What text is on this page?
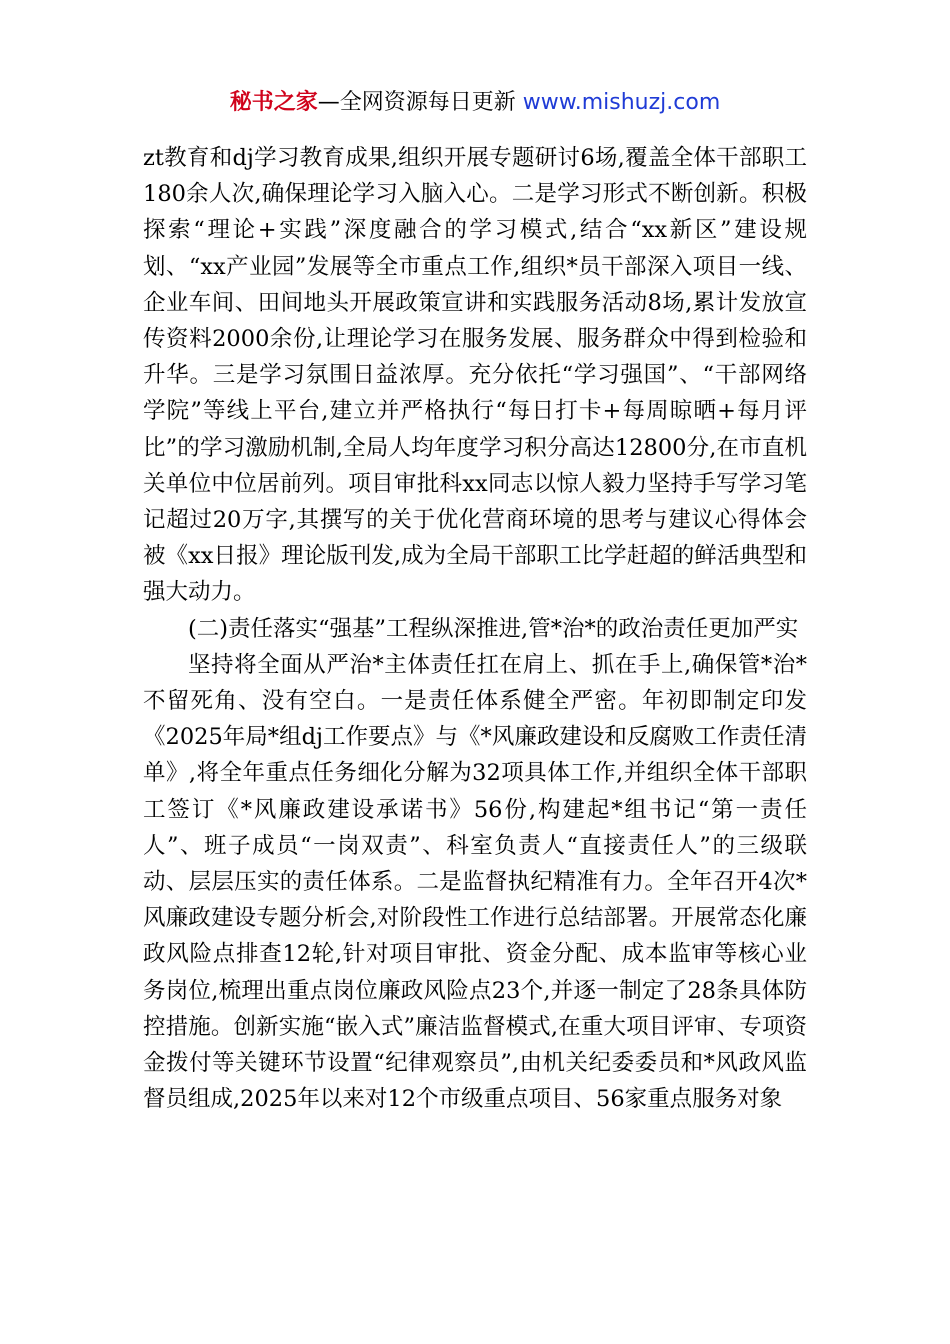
秘书之家—全网资源每日更新 www.mishuzj.com

zt教育和dj学习教育成果,组织开展专题研讨6场,覆盖全体干部职工180余人次,确保理论学习入脑入心。二是学习形式不断创新。积极探索“理论+实践”深度融合的学习模式,结合“xx新区”建设规划、“xx产业园”发展等全市重点工作,组织*员干部深入项目一线、企业车间、田间地头开展政策宣讲和实践服务活动8场,累计发放宣传资料2000余份,让理论学习在服务发展、服务群众中得到检验和升华。三是学习氛围日益浓厚。充分依托“学习强国”、“干部网络学院”等线上平台,建立并严格执行“每日打卡+每周晾晒+每月评比”的学习激励机制,全局人均年度学习积分高达12800分,在市直机关单位中位居前列。项目审批科xx同志以惊人毅力坚持手写学习笔记超过20万字,其撰写的关于优化营商环境的思考与建议心得体会被《xx日报》理论版刊发,成为全局干部职工比学赶超的鲜活典型和强大动力。

(二)责任落实“强基”工程纵深推进,管*治*的政治责任更加严实

坚持将全面从严治*主体责任扛在肩上、抓在手上,确保管*治*不留死角、没有空白。一是责任体系健全严密。年初即制定印发《2025年局*组dj工作要点》与《*风廉政建设和反腐败工作责任清单》,将全年重点任务细化分解为32项具体工作,并组织全体干部职工签订《*风廉政建设承诺书》56份,构建起*组书记“第一责任人”、班子成员“一岗双责”、科室负责人“直接责任人”的三级联动、层层压实的责任体系。二是监督执纪精准有力。全年召开4次*风廉政建设专题分析会,对阶段性工作进行总结部署。开展常态化廉政风险点排查12轮,针对项目审批、资金分配、成本监审等核心业务岗位,梳理出重点岗位廉政风险点23个,并逐一制定了28条具体防控措施。创新实施“嵌入式”廉洁监督模式,在重大项目评审、专项资金拨付等关键环节设置“纪律观察员”,由机关纪委委员和*风政风监督员组成,2025年以来对12个市级重点项目、56家重点服务对象
